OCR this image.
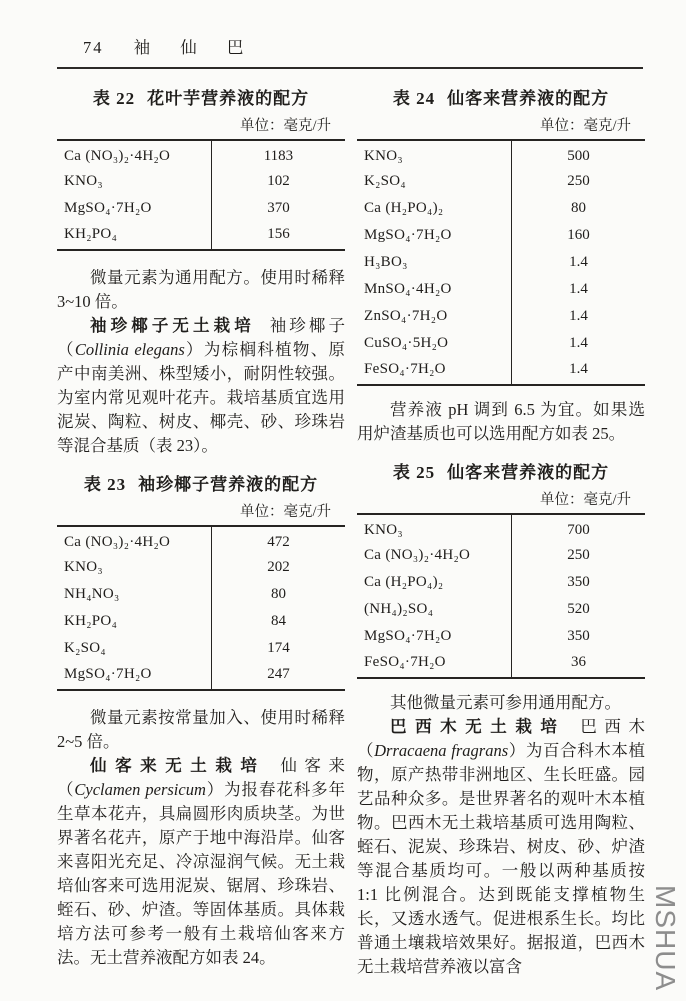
74 袖 仙 巴
表 22 花叶芋营养液的配方
单位：毫克/升
Ca (NO₃)₂·4H₂O	1183
KNO₃	102
MgSO₄·7H₂O	370
KH₂PO₄	156

微量元素为通用配方。使用时稀释 3~10 倍。

袖珍椰子无土栽培 袖珍椰子（Collinia elegans）为棕榈科植物、原产中南美洲、株型矮小，耐阴性较强。为室内常见观叶花卉。栽培基质宜选用泥炭、陶粒、树皮、椰壳、砂、珍珠岩等混合基质（表 23）。

表 23 袖珍椰子营养液的配方
单位：毫克/升
Ca (NO₃)₂·4H₂O	472
KNO₃	202
NH₄NO₃	80
KH₂PO₄	84
K₂SO₄	174
MgSO₄·7H₂O	247

微量元素按常量加入、使用时稀释 2~5 倍。

仙客来无土栽培 仙客来（Cyclamen persicum）为报春花科多年生草本花卉，具扁圆形肉质块茎。为世界著名花卉，原产于地中海沿岸。仙客来喜阳光充足、冷凉湿润气候。无土栽培仙客来可选用泥炭、锯屑、珍珠岩、蛭石、砂、炉渣。等固体基质。具体栽培方法可参考一般有土栽培仙客来方法。无土营养液配方如表 24。

表 24 仙客来营养液的配方
单位：毫克/升
KNO₃	500
K₂SO₄	250
Ca (H₂PO₄)₂	80
MgSO₄·7H₂O	160
H₃BO₃	1.4
MnSO₄·4H₂O	1.4
ZnSO₄·7H₂O	1.4
CuSO₄·5H₂O	1.4
FeSO₄·7H₂O	1.4

营养液 pH 调到 6.5 为宜。如果选用炉渣基质也可以选用配方如表 25。

表 25 仙客来营养液的配方
单位：毫克/升
KNO₃	700
Ca (NO₃)₂·4H₂O	250
Ca (H₂PO₄)₂	350
(NH₄)₂SO₄	520
MgSO₄·7H₂O	350
FeSO₄·7H₂O	36

其他微量元素可参用通用配方。

巴西木无土栽培 巴西木（Drracaena fragrans）为百合科木本植物，原产热带非洲地区、生长旺盛。园艺品种众多。是世界著名的观叶木本植物。巴西木无土栽培基质可选用陶粒、蛭石、泥炭、珍珠岩、树皮、砂、炉渣等混合基质均可。一般以两种基质按 1:1 比例混合。达到既能支撑植物生长，又透水透气。促进根系生长。均比普通土壤栽培效果好。据报道，巴西木无土栽培营养液以富含	MSHUA
